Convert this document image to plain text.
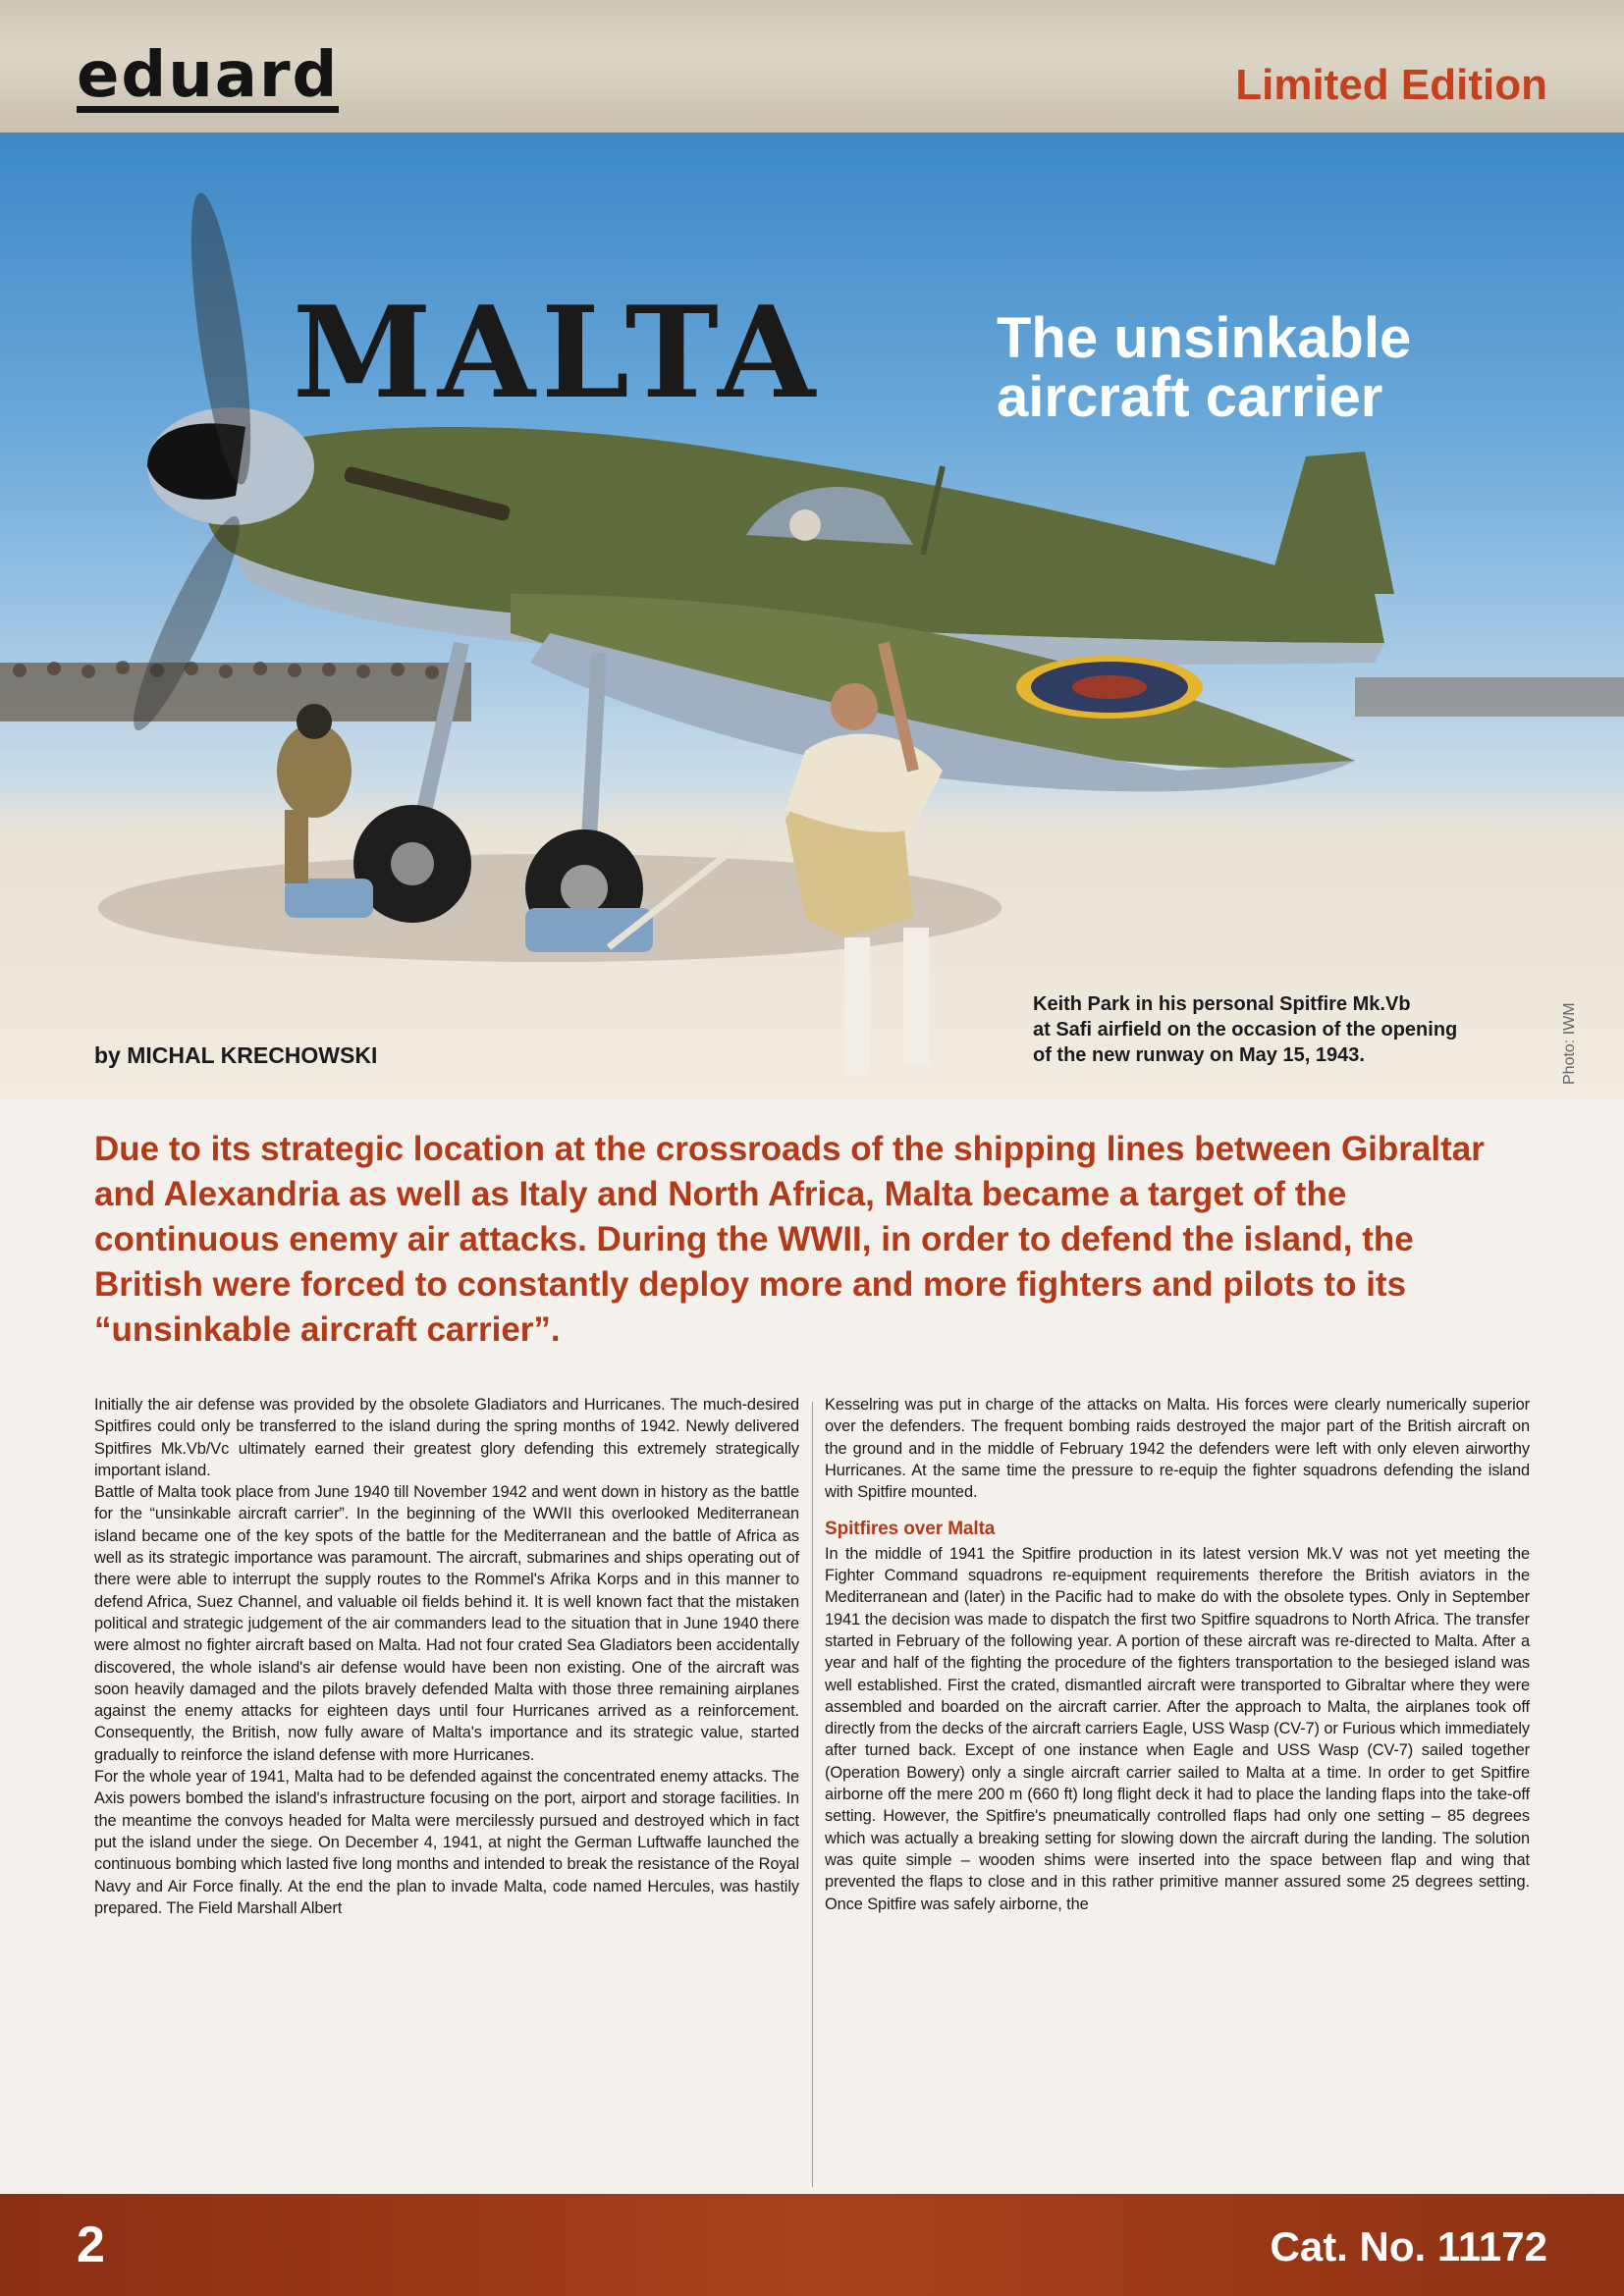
eduard	Limited Edition
MALTA	The unsinkable
aircraft carrier
by MICHAL KRECHOWSKI
Keith Park in his personal Spitfire Mk.Vb
at Safi airfield on the occasion of the opening
of the new runway on May 15, 1943.	Photo: IWM
Due to its strategic location at the crossroads of the shipping lines between Gibraltar and Alexandria as well as Italy and North Africa, Malta became a target of the continuous enemy air attacks. During the WWII, in order to defend the island, the British were forced to constantly deploy more and more fighters and pilots to its “unsinkable aircraft carrier”.

Initially the air defense was provided by the obsolete Gladiators and Hurricanes. The much-desired Spitfires could only be transferred to the island during the spring months of 1942. Newly delivered Spitfires Mk.Vb/Vc ultimately earned their greatest glory defending this extremely strategically important island.

Battle of Malta took place from June 1940 till November 1942 and went down in history as the battle for the “unsinkable aircraft carrier”. In the beginning of the WWII this overlooked Mediterranean island became one of the key spots of the battle for the Mediterranean and the battle of Africa as well as its strategic importance was paramount. The aircraft, submarines and ships operating out of there were able to interrupt the supply routes to the Rommel's Afrika Korps and in this manner to defend Africa, Suez Channel, and valuable oil fields behind it. It is well known fact that the mistaken political and strategic judgement of the air commanders lead to the situation that in June 1940 there were almost no fighter aircraft based on Malta. Had not four crated Sea Gladiators been accidentally discovered, the whole island's air defense would have been non existing. One of the aircraft was soon heavily damaged and the pilots bravely defended Malta with those three remaining airplanes against the enemy attacks for eighteen days until four Hurricanes arrived as a reinforcement. Consequently, the British, now fully aware of Malta's importance and its strategic value, started gradually to reinforce the island defense with more Hurricanes.

For the whole year of 1941, Malta had to be defended against the concentrated enemy attacks. The Axis powers bombed the island's infrastructure focusing on the port, airport and storage facilities. In the meantime the convoys headed for Malta were mercilessly pursued and destroyed which in fact put the island under the siege. On December 4, 1941, at night the German Luftwaffe launched the continuous bombing which lasted five long months and intended to break the resistance of the Royal Navy and Air Force finally. At the end the plan to invade Malta, code named Hercules, was hastily prepared. The Field Marshall Albert

Kesselring was put in charge of the attacks on Malta. His forces were clearly numerically superior over the defenders. The frequent bombing raids destroyed the major part of the British aircraft on the ground and in the middle of February 1942 the defenders were left with only eleven airworthy Hurricanes. At the same time the pressure to re-equip the fighter squadrons defending the island with Spitfire mounted.

Spitfires over Malta

In the middle of 1941 the Spitfire production in its latest version Mk.V was not yet meeting the Fighter Command squadrons re-equipment requirements therefore the British aviators in the Mediterranean and (later) in the Pacific had to make do with the obsolete types. Only in September 1941 the decision was made to dispatch the first two Spitfire squadrons to North Africa. The transfer started in February of the following year. A portion of these aircraft was re-directed to Malta. After a year and half of the fighting the procedure of the fighters transportation to the besieged island was well established. First the crated, dismantled aircraft were transported to Gibraltar where they were assembled and boarded on the aircraft carrier. After the approach to Malta, the airplanes took off directly from the decks of the aircraft carriers Eagle, USS Wasp (CV-7) or Furious which immediately after turned back. Except of one instance when Eagle and USS Wasp (CV-7) sailed together (Operation Bowery) only a single aircraft carrier sailed to Malta at a time. In order to get Spitfire airborne off the mere 200 m (660 ft) long flight deck it had to place the landing flaps into the take-off setting. However, the Spitfire's pneumatically controlled flaps had only one setting – 85 degrees which was actually a breaking setting for slowing down the aircraft during the landing. The solution was quite simple – wooden shims were inserted into the space between flap and wing that prevented the flaps to close and in this rather primitive manner assured some 25 degrees setting. Once Spitfire was safely airborne, the

2	Cat. No. 11172
